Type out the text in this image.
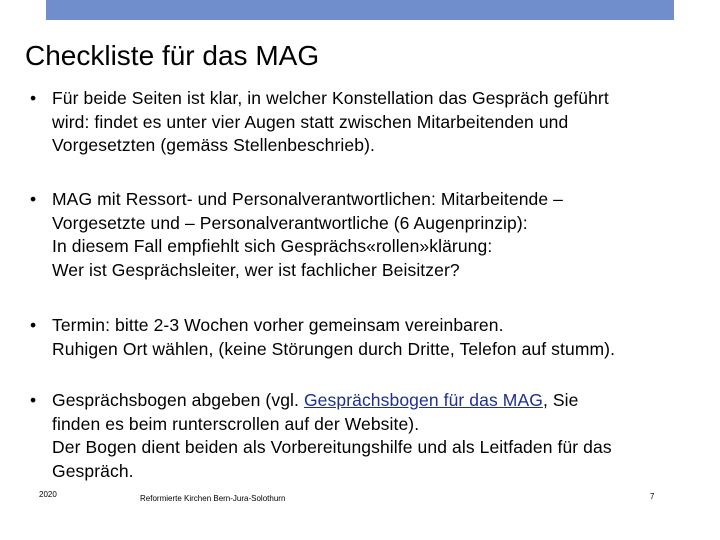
Checkliste für das MAG
• Für beide Seiten ist klar, in welcher Konstellation das Gespräch geführt
wird: findet es unter vier Augen statt zwischen Mitarbeitenden und
Vorgesetzten (gemäss Stellenbeschrieb).
• MAG mit Ressort- und Personalverantwortlichen: Mitarbeitende –
Vorgesetzte und – Personalverantwortliche (6 Augenprinzip):
In diesem Fall empfiehlt sich Gesprächs«rollen»klärung:
Wer ist Gesprächsleiter, wer ist fachlicher Beisitzer?
• Termin: bitte 2-3 Wochen vorher gemeinsam vereinbaren.
Ruhigen Ort wählen, (keine Störungen durch Dritte, Telefon auf stumm).
• Gesprächsbogen abgeben (vgl. Gesprächsbogen für das MAG, Sie
finden es beim runterscrollen auf der Website).
Der Bogen dient beiden als Vorbereitungshilfe und als Leitfaden für das
Gespräch.
2020	Reformierte Kirchen Bern-Jura-Solothurn	7
